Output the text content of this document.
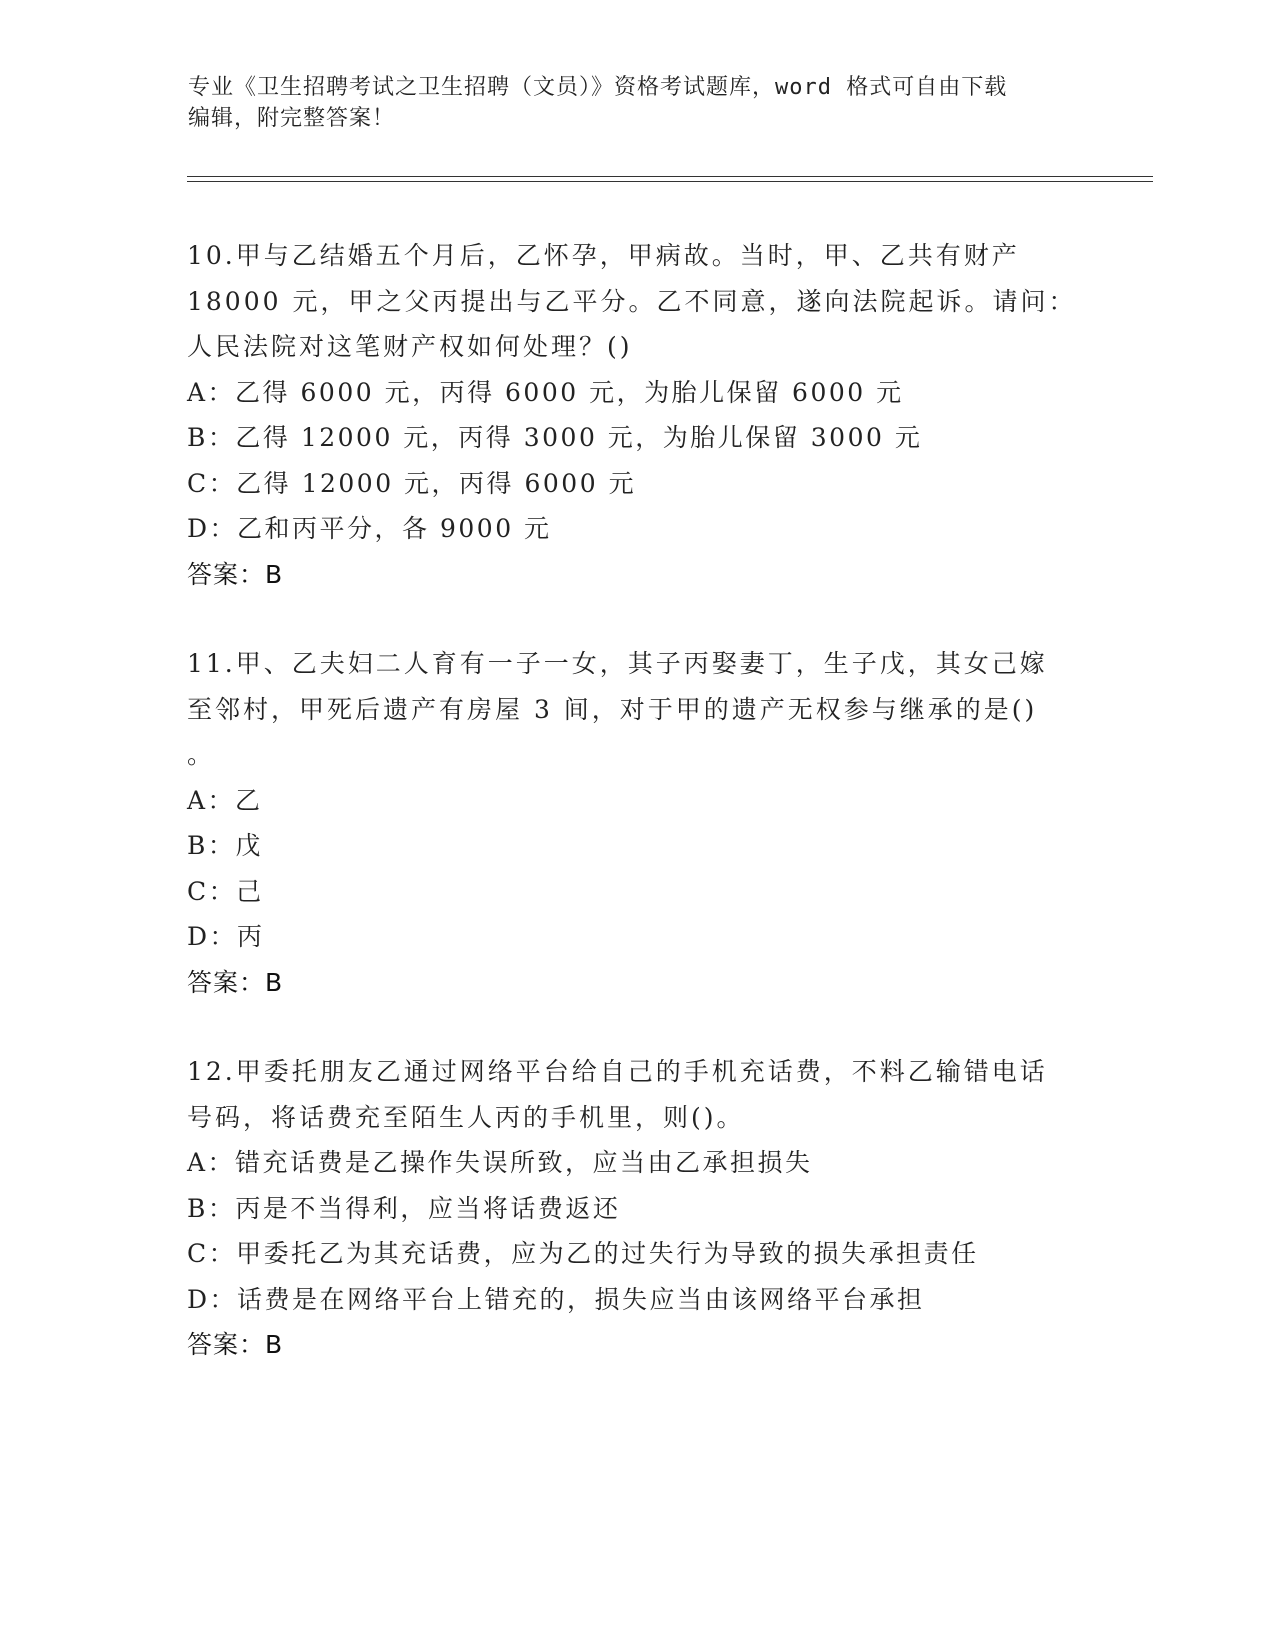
专业《卫生招聘考试之卫生招聘（文员）》资格考试题库，word 格式可自由下载
编辑，附完整答案！
10.甲与乙结婚五个月后，乙怀孕，甲病故。当时，甲、乙共有财产
18000 元，甲之父丙提出与乙平分。乙不同意，遂向法院起诉。请问：
人民法院对这笔财产权如何处理？()
A：乙得 6000 元，丙得 6000 元，为胎儿保留 6000 元
B：乙得 12000 元，丙得 3000 元，为胎儿保留 3000 元
C：乙得 12000 元，丙得 6000 元
D：乙和丙平分，各 9000 元
答案：B
11.甲、乙夫妇二人育有一子一女，其子丙娶妻丁，生子戊，其女己嫁
至邻村，甲死后遗产有房屋 3 间，对于甲的遗产无权参与继承的是()
。
A：乙
B：戊
C：己
D：丙
答案：B
12.甲委托朋友乙通过网络平台给自己的手机充话费，不料乙输错电话
号码，将话费充至陌生人丙的手机里，则()。
A：错充话费是乙操作失误所致，应当由乙承担损失
B：丙是不当得利，应当将话费返还
C：甲委托乙为其充话费，应为乙的过失行为导致的损失承担责任
D：话费是在网络平台上错充的，损失应当由该网络平台承担
答案：B
